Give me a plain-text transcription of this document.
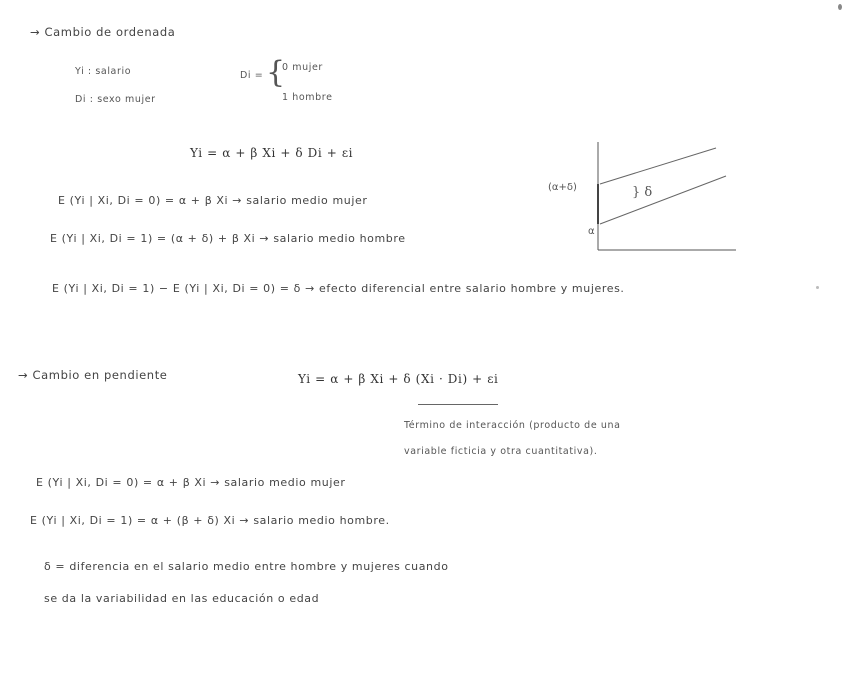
→ Cambio de ordenada
Yi : salario
Di : sexo mujer
Di = {
0 mujer
1 hombre
Yi = α + β Xi + δ Di + εi
E (Yi | Xi, Di = 0) = α + β Xi → salario medio mujer
E (Yi | Xi, Di = 1) = (α + δ) + β Xi → salario medio hombre
E (Yi | Xi, Di = 1) − E (Yi | Xi, Di = 0) = δ → efecto diferencial entre salario hombre y mujeres.
(α+δ)
α
} δ
→ Cambio en pendiente	Yi = α + β Xi + δ (Xi · Di) + εi
Término de interacción (producto de una
variable ficticia y otra cuantitativa).
E (Yi | Xi, Di = 0) = α + β Xi → salario medio mujer
E (Yi | Xi, Di = 1) = α + (β + δ) Xi → salario medio hombre.
δ = diferencia en el salario medio entre hombre y mujeres cuando
se da la variabilidad en las educación o edad
